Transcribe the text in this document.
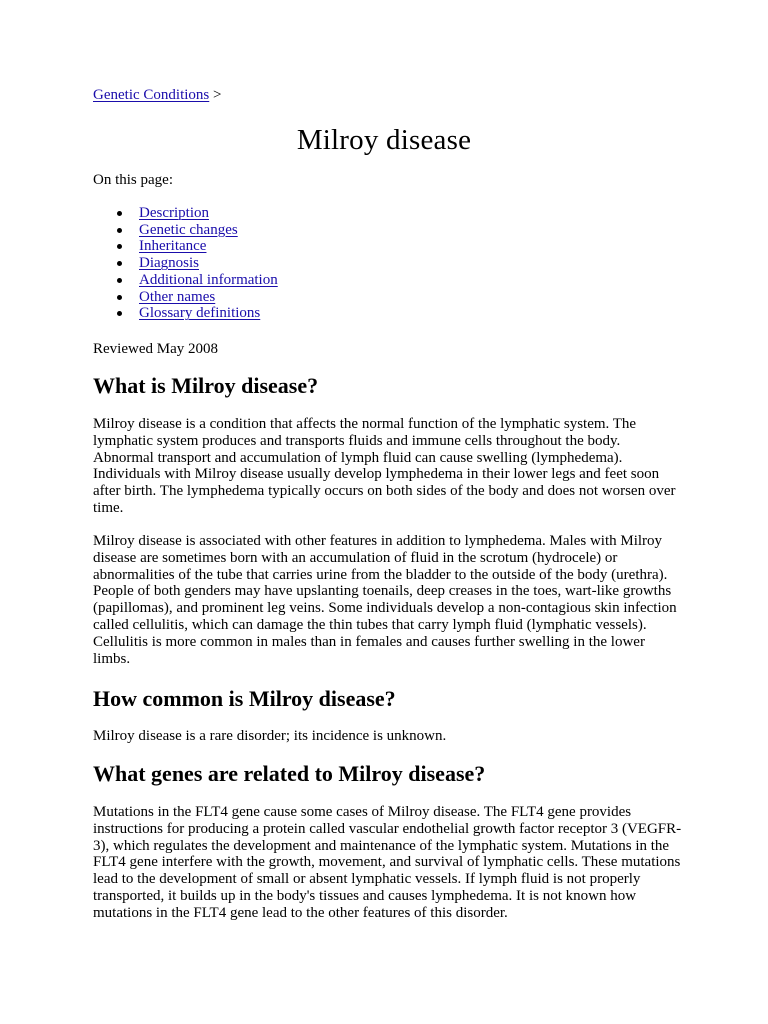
Genetic Conditions >
Milroy disease
On this page:
Description
Genetic changes
Inheritance
Diagnosis
Additional information
Other names
Glossary definitions
Reviewed May 2008
What is Milroy disease?

Milroy disease is a condition that affects the normal function of the lymphatic system. The lymphatic system produces and transports fluids and immune cells throughout the body. Abnormal transport and accumulation of lymph fluid can cause swelling (lymphedema). Individuals with Milroy disease usually develop lymphedema in their lower legs and feet soon after birth. The lymphedema typically occurs on both sides of the body and does not worsen over time.

Milroy disease is associated with other features in addition to lymphedema. Males with Milroy disease are sometimes born with an accumulation of fluid in the scrotum (hydrocele) or abnormalities of the tube that carries urine from the bladder to the outside of the body (urethra). People of both genders may have upslanting toenails, deep creases in the toes, wart-like growths (papillomas), and prominent leg veins. Some individuals develop a non-contagious skin infection called cellulitis, which can damage the thin tubes that carry lymph fluid (lymphatic vessels). Cellulitis is more common in males than in females and causes further swelling in the lower limbs.

How common is Milroy disease?

Milroy disease is a rare disorder; its incidence is unknown.

What genes are related to Milroy disease?

Mutations in the FLT4 gene cause some cases of Milroy disease. The FLT4 gene provides instructions for producing a protein called vascular endothelial growth factor receptor 3 (VEGFR-3), which regulates the development and maintenance of the lymphatic system. Mutations in the FLT4 gene interfere with the growth, movement, and survival of lymphatic cells. These mutations lead to the development of small or absent lymphatic vessels. If lymph fluid is not properly transported, it builds up in the body's tissues and causes lymphedema. It is not known how mutations in the FLT4 gene lead to the other features of this disorder.
